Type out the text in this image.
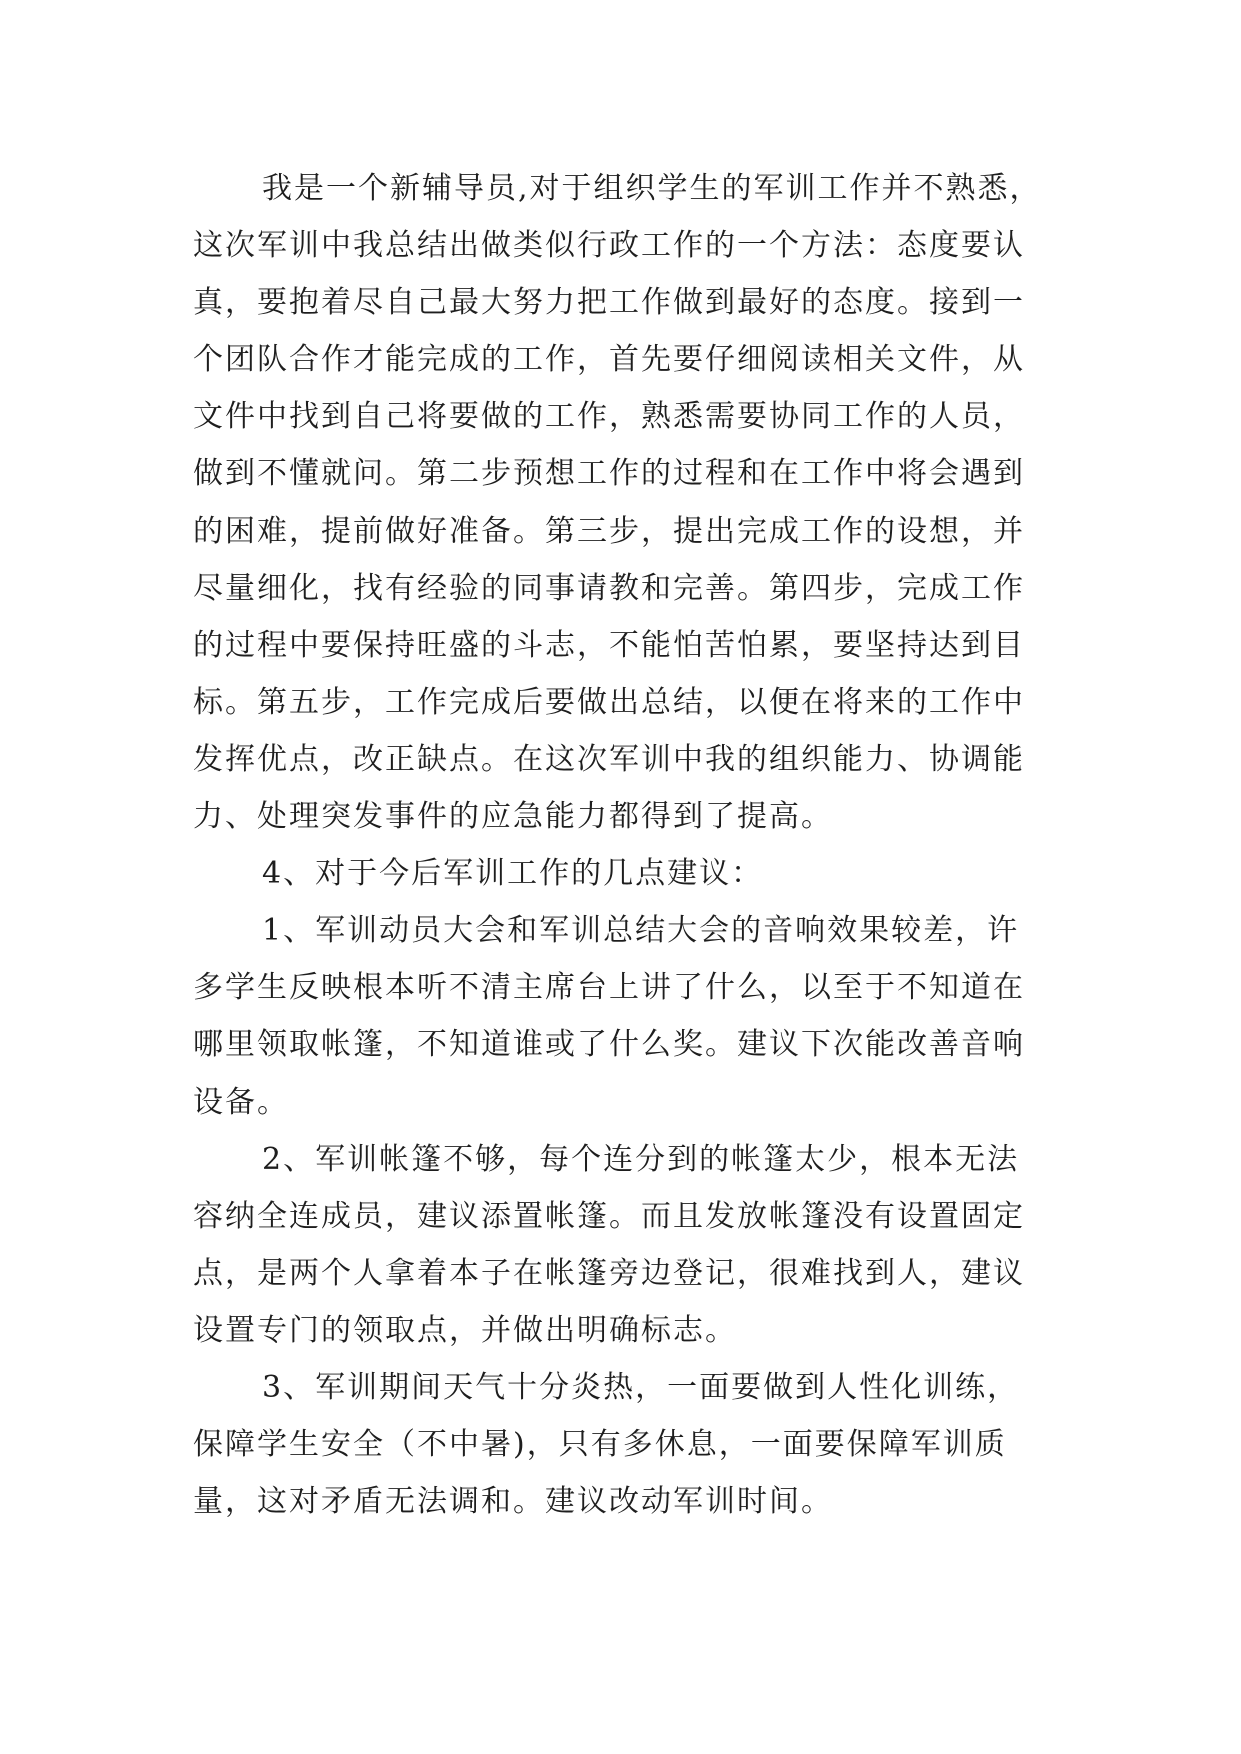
我是一个新辅导员,对于组织学生的军训工作并不熟悉，
这次军训中我总结出做类似行政工作的一个方法：态度要认
真，要抱着尽自己最大努力把工作做到最好的态度。接到一
个团队合作才能完成的工作，首先要仔细阅读相关文件，从
文件中找到自己将要做的工作，熟悉需要协同工作的人员，
做到不懂就问。第二步预想工作的过程和在工作中将会遇到
的困难，提前做好准备。第三步，提出完成工作的设想，并
尽量细化，找有经验的同事请教和完善。第四步，完成工作
的过程中要保持旺盛的斗志，不能怕苦怕累，要坚持达到目
标。第五步，工作完成后要做出总结，以便在将来的工作中
发挥优点，改正缺点。在这次军训中我的组织能力、协调能
力、处理突发事件的应急能力都得到了提高。
4、对于今后军训工作的几点建议：
1、军训动员大会和军训总结大会的音响效果较差，许
多学生反映根本听不清主席台上讲了什么，以至于不知道在
哪里领取帐篷，不知道谁或了什么奖。建议下次能改善音响
设备。
2、军训帐篷不够，每个连分到的帐篷太少，根本无法
容纳全连成员，建议添置帐篷。而且发放帐篷没有设置固定
点，是两个人拿着本子在帐篷旁边登记，很难找到人，建议
设置专门的领取点，并做出明确标志。
3、军训期间天气十分炎热，一面要做到人性化训练，
保障学生安全（不中暑)，只有多休息，一面要保障军训质
量，这对矛盾无法调和。建议改动军训时间。
